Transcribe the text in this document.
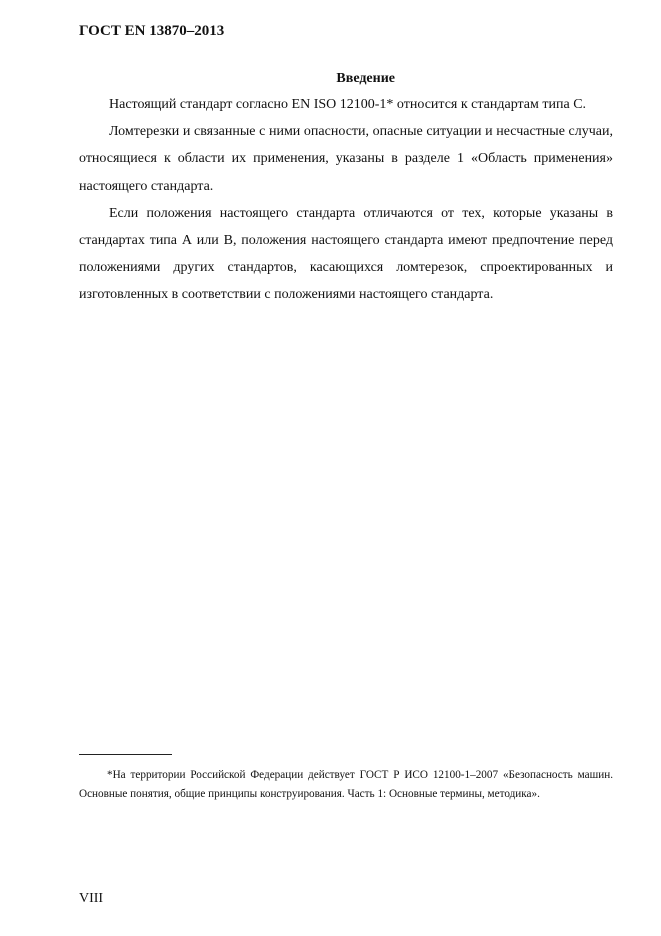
ГОСТ EN 13870–2013
Введение

Настоящий стандарт согласно EN ISO 12100-1* относится к стандартам типа С.

Ломтерезки и связанные с ними опасности, опасные ситуации и несчастные случаи, относящиеся к области их применения, указаны в разделе 1 «Область применения» настоящего стандарта.

Если положения настоящего стандарта отличаются от тех, которые указаны в стандартах типа А или В, положения настоящего стандарта имеют предпочтение перед положениями других стандартов, касающихся ломтерезок, спроектированных и изготовленных в соответствии с положениями настоящего стандарта.

*На территории Российской Федерации действует ГОСТ Р ИСО 12100-1–2007 «Безопасность машин. Основные понятия, общие принципы конструирования. Часть 1: Основные термины, методика».

VIII
